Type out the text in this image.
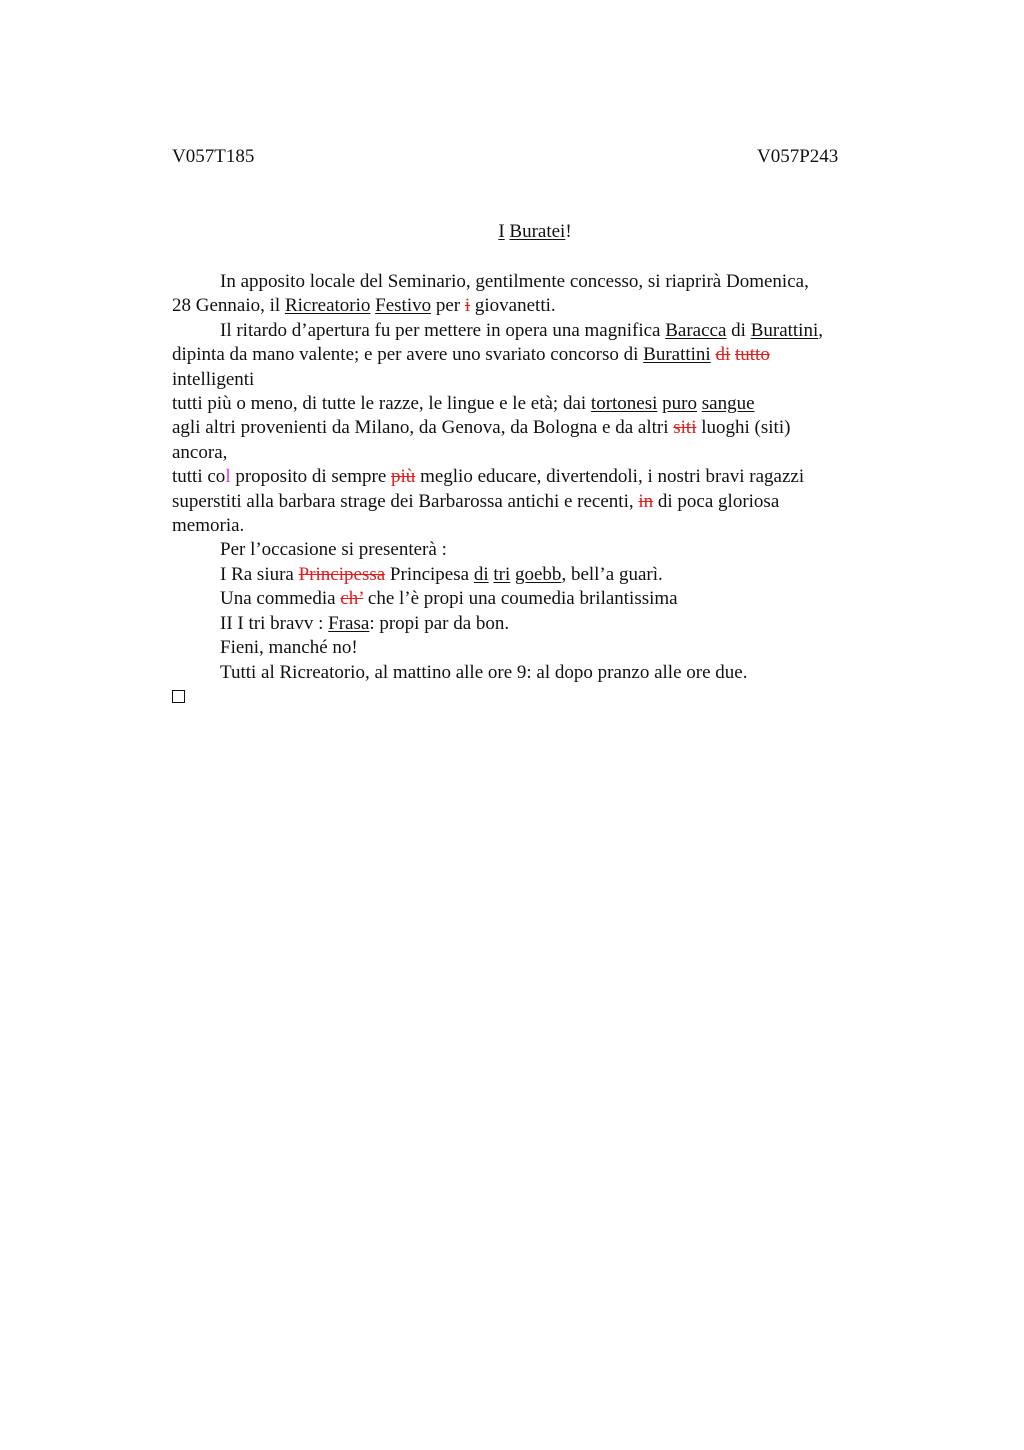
V057T185	V057P243
I Buratei!
In apposito locale del Seminario, gentilmente concesso, si riaprirà Domenica,
28 Gennaio, il Ricreatorio Festivo per i giovanetti.
Il ritardo d’apertura fu per mettere in opera una magnifica Baracca di Burattini,
dipinta da mano valente; e per avere uno svariato concorso di Burattini di tutto
intelligenti
tutti più o meno, di tutte le razze, le lingue e le età; dai tortonesi puro sangue
agli altri provenienti da Milano, da Genova, da Bologna e da altri siti luoghi (siti)
ancora,
tutti col proposito di sempre più meglio educare, divertendoli, i nostri bravi ragazzi
superstiti alla barbara strage dei Barbarossa antichi e recenti, in di poca gloriosa
memoria.
Per l’occasione si presenterà :
I Ra siura Principessa Principesa di tri goebb, bell’a guarì.
Una commedia ch’ che l’è propi una coumedia brilantissima
II I tri bravv : Frasa: propi par da bon.
Fieni, manché no!
Tutti al Ricreatorio, al mattino alle ore 9: al dopo pranzo alle ore due.
